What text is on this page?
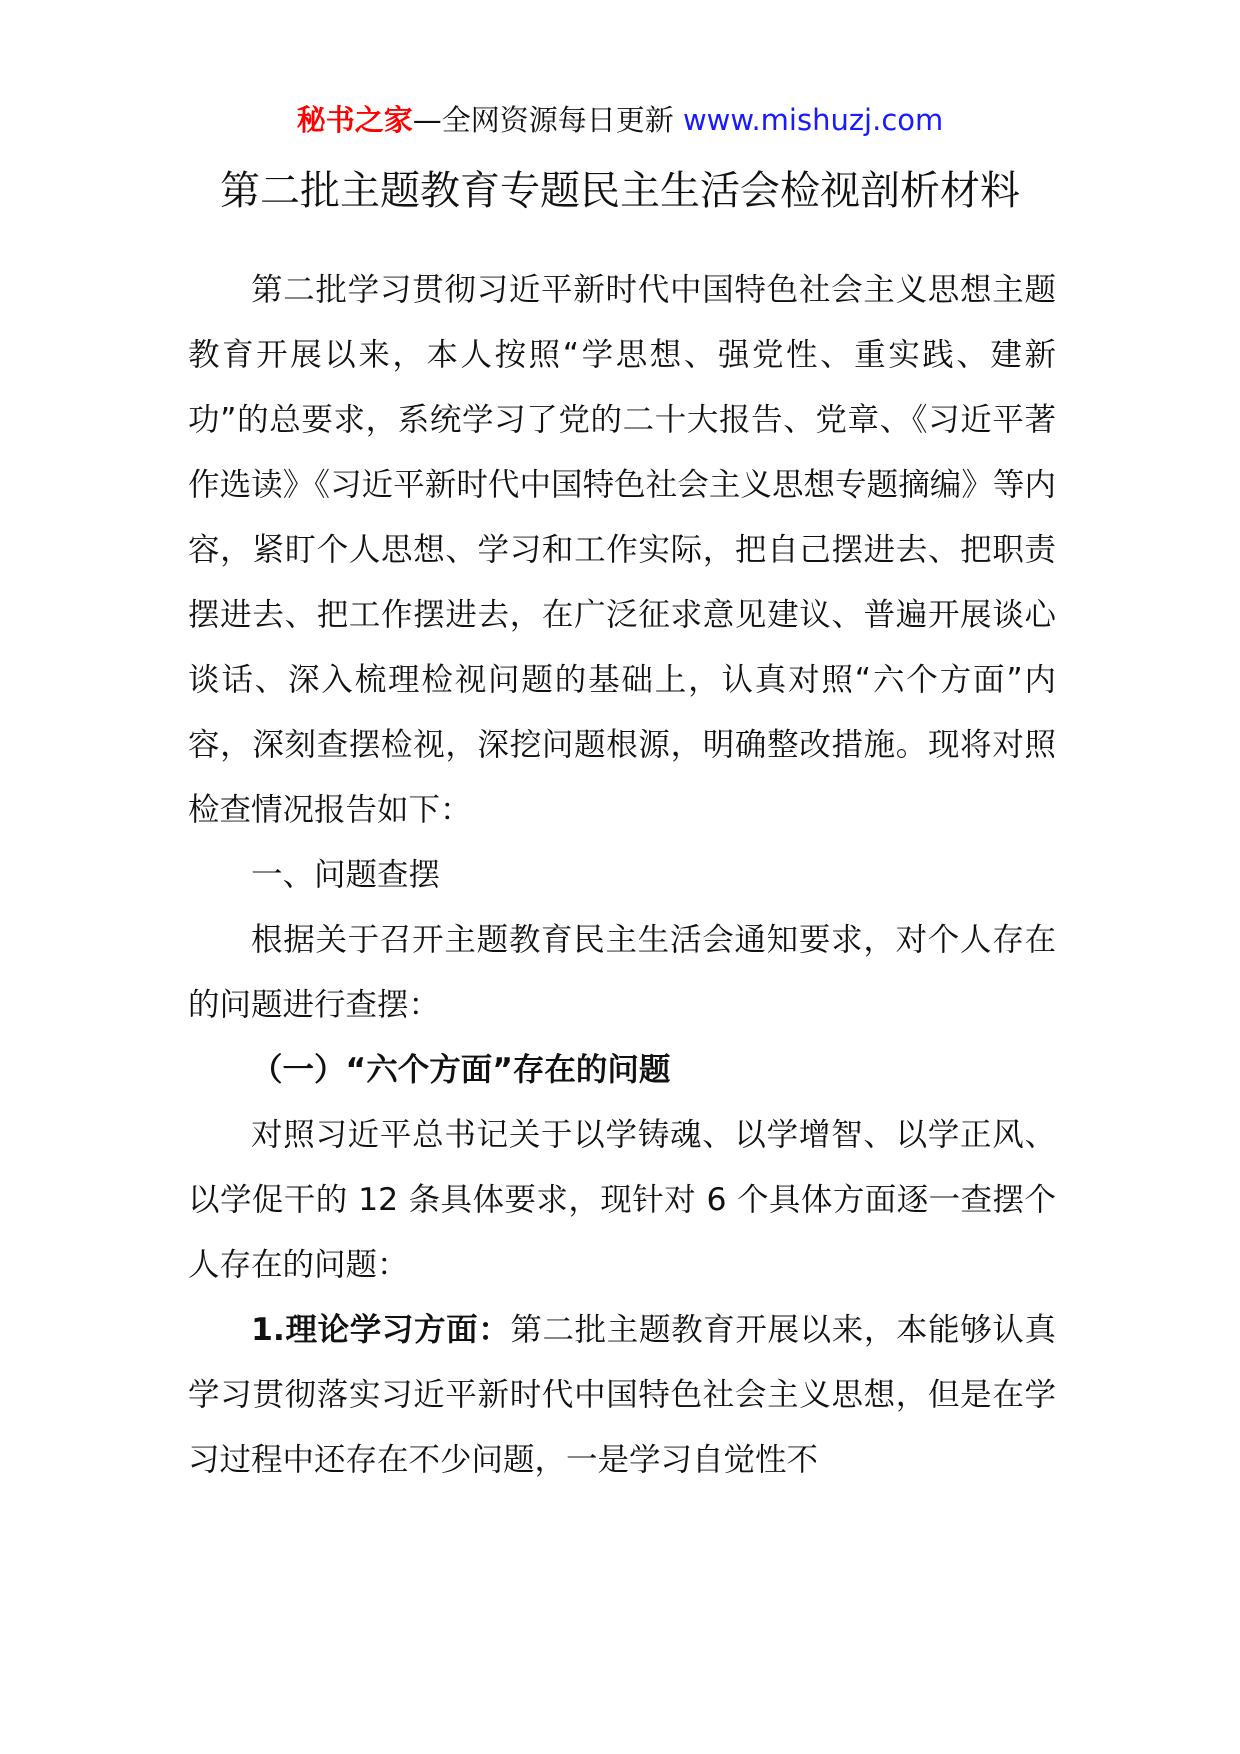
秘书之家—全网资源每日更新 www.mishuzj.com
第二批主题教育专题民主生活会检视剖析材料

第二批学习贯彻习近平新时代中国特色社会主义思想主题教育开展以来，本人按照“学思想、强党性、重实践、建新功”的总要求，系统学习了党的二十大报告、党章、《习近平著作选读》《习近平新时代中国特色社会主义思想专题摘编》等内容，紧盯个人思想、学习和工作实际，把自己摆进去、把职责摆进去、把工作摆进去，在广泛征求意见建议、普遍开展谈心谈话、深入梳理检视问题的基础上，认真对照“六个方面”内容，深刻查摆检视，深挖问题根源，明确整改措施。现将对照检查情况报告如下：

一、问题查摆

根据关于召开主题教育民主生活会通知要求，对个人存在的问题进行查摆：

（一）“六个方面”存在的问题

对照习近平总书记关于以学铸魂、以学增智、以学正风、以学促干的 12 条具体要求，现针对 6 个具体方面逐一查摆个人存在的问题：

1.理论学习方面：第二批主题教育开展以来，本能够认真学习贯彻落实习近平新时代中国特色社会主义思想，但是在学习过程中还存在不少问题，一是学习自觉性不
